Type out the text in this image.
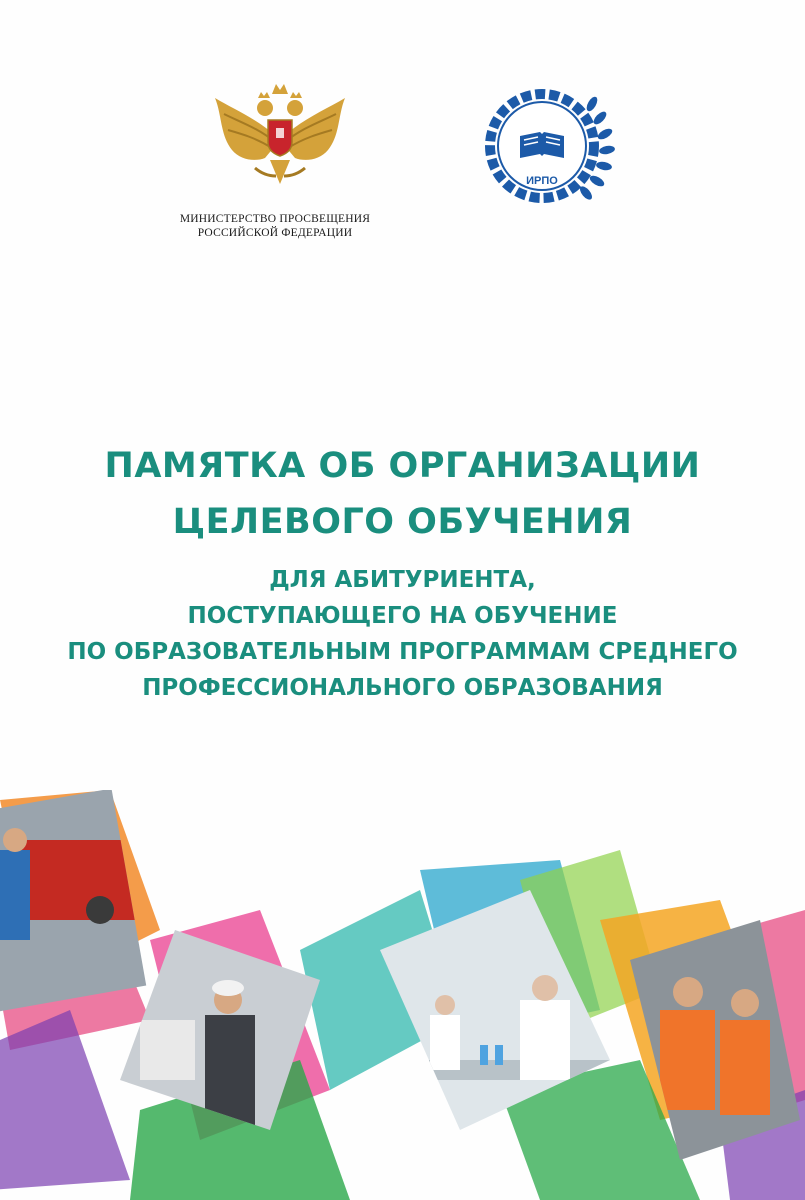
МИНИСТЕРСТВО ПРОСВЕЩЕНИЯ
РОССИЙСКОЙ ФЕДЕРАЦИИ
ИРПО
ПАМЯТКА ОБ ОРГАНИЗАЦИИ
ЦЕЛЕВОГО ОБУЧЕНИЯ
ДЛЯ АБИТУРИЕНТА,
ПОСТУПАЮЩЕГО НА ОБУЧЕНИЕ
ПО ОБРАЗОВАТЕЛЬНЫМ ПРОГРАММАМ СРЕДНЕГО
ПРОФЕССИОНАЛЬНОГО ОБРАЗОВАНИЯ
